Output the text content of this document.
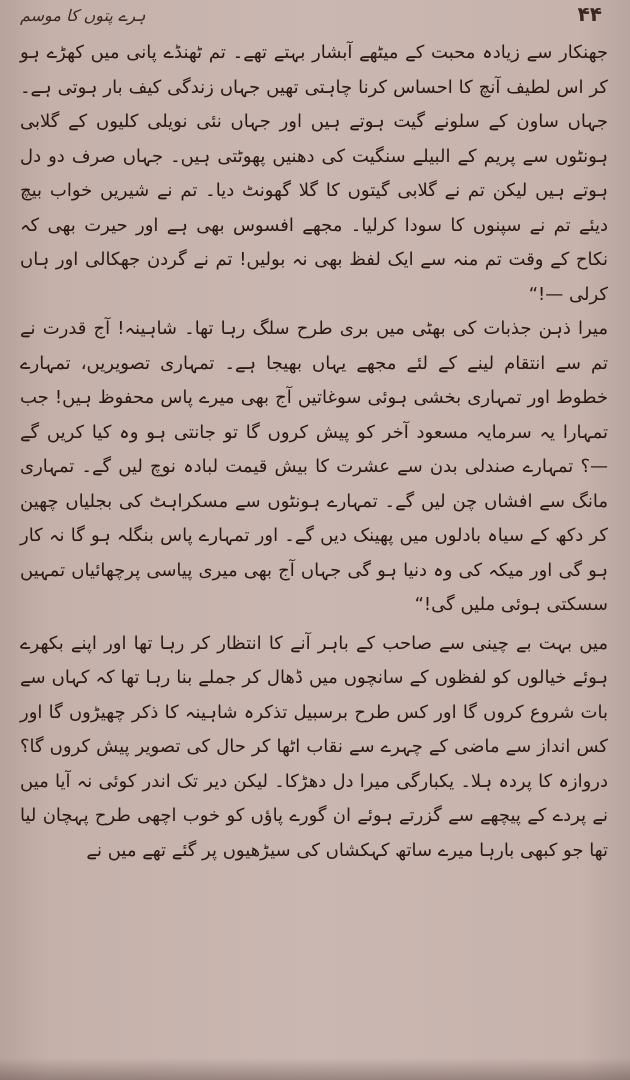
۴۴
ہرے پتوں کا موسم

جھنکار سے زیادہ محبت کے میٹھے آبشار بہتے تھے۔ تم ٹھنڈے پانی میں کھڑے ہو کر اس لطیف آنچ کا احساس کرنا چاہتی تھیں جہاں زندگی کیف بار ہوتی ہے۔ جہاں ساون کے سلونے گیت ہوتے ہیں اور جہاں نئی نویلی کلیوں کے گلابی ہونٹوں سے پریم کے البیلے سنگیت کی دھنیں پھوٹتی ہیں۔ جہاں صرف دو دل ہوتے ہیں لیکن تم نے گلابی گیتوں کا گلا گھونٹ دیا۔ تم نے شیریں خواب بیچ دیئے تم نے سپنوں کا سودا کرلیا۔ مجھے افسوس بھی ہے اور حیرت بھی کہ نکاح کے وقت تم منہ سے ایک لفظ بھی نہ بولیں! تم نے گردن جھکالی اور ہاں کرلی —!“

میرا ذہن جذبات کی بھٹی میں بری طرح سلگ رہا تھا۔ شاہینہ! آج قدرت نے تم سے انتقام لینے کے لئے مجھے یہاں بھیجا ہے۔ تمہاری تصویریں، تمہارے خطوط اور تمہاری بخشی ہوئی سوغاتیں آج بھی میرے پاس محفوظ ہیں! جب تمہارا یہ سرمایہ مسعود آخر کو پیش کروں گا تو جانتی ہو وہ کیا کریں گے —؟ تمہارے صندلی بدن سے عشرت کا بیش قیمت لبادہ نوچ لیں گے۔ تمہاری مانگ سے افشاں چن لیں گے۔ تمہارے ہونٹوں سے مسکراہٹ کی بجلیاں چھین کر دکھ کے سیاہ بادلوں میں پھینک دیں گے۔ اور تمہارے پاس بنگلہ ہو گا نہ کار ہو گی اور میکہ کی وہ دنیا ہو گی جہاں آج بھی میری پیاسی پرچھائیاں تمہیں سسکتی ہوئی ملیں گی!“

میں بہت بے چینی سے صاحب کے باہر آنے کا انتظار کر رہا تھا اور اپنے بکھرے ہوئے خیالوں کو لفظوں کے سانچوں میں ڈھال کر جملے بنا رہا تھا کہ کہاں سے بات شروع کروں گا اور کس طرح برسبیل تذکرہ شاہینہ کا ذکر چھیڑوں گا اور کس انداز سے ماضی کے چہرے سے نقاب اٹھا کر حال کی تصویر پیش کروں گا؟ دروازہ کا پردہ ہلا۔ یکبارگی میرا دل دھڑکا۔ لیکن دیر تک اندر کوئی نہ آیا میں نے پردے کے پیچھے سے گزرتے ہوئے ان گورے پاؤں کو خوب اچھی طرح پہچان لیا تھا جو کبھی بارہا میرے ساتھ کہکشاں کی سیڑھیوں پر گئے تھے میں نے
